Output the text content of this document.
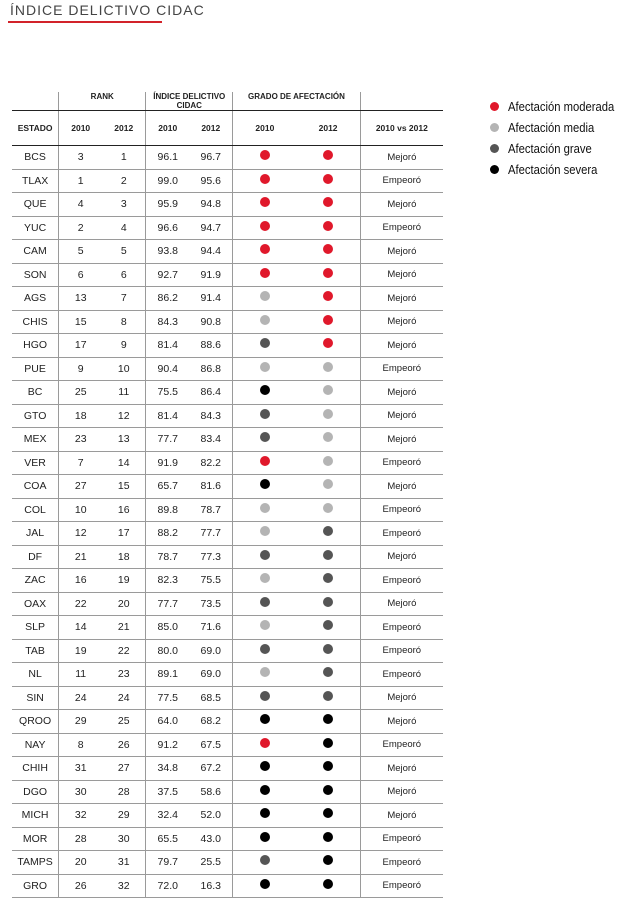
ÍNDICE DELICTIVO CIDAC
	RANK		ÍNDICE DELICTIVO CIDAC		GRADO DE AFECTACIÓN		
ESTADO	2010	2012	2010	2012	2010	2012	2010 vs 2012
BCS	3	1	96.1	96.7			Mejoró
TLAX	1	2	99.0	95.6			Empeoró
QUE	4	3	95.9	94.8			Mejoró
YUC	2	4	96.6	94.7			Empeoró
CAM	5	5	93.8	94.4			Mejoró
SON	6	6	92.7	91.9			Mejoró
AGS	13	7	86.2	91.4			Mejoró
CHIS	15	8	84.3	90.8			Mejoró
HGO	17	9	81.4	88.6			Mejoró
PUE	9	10	90.4	86.8			Empeoró
BC	25	11	75.5	86.4			Mejoró
GTO	18	12	81.4	84.3			Mejoró
MEX	23	13	77.7	83.4			Mejoró
VER	7	14	91.9	82.2			Empeoró
COA	27	15	65.7	81.6			Mejoró
COL	10	16	89.8	78.7			Empeoró
JAL	12	17	88.2	77.7			Empeoró
DF	21	18	78.7	77.3			Mejoró
ZAC	16	19	82.3	75.5			Empeoró
OAX	22	20	77.7	73.5			Mejoró
SLP	14	21	85.0	71.6			Empeoró
TAB	19	22	80.0	69.0			Empeoró
NL	11	23	89.1	69.0			Empeoró
SIN	24	24	77.5	68.5			Mejoró
QROO	29	25	64.0	68.2			Mejoró
NAY	8	26	91.2	67.5			Empeoró
CHIH	31	27	34.8	67.2			Mejoró
DGO	30	28	37.5	58.6			Mejoró
MICH	32	29	32.4	52.0			Mejoró
MOR	28	30	65.5	43.0			Empeoró
TAMPS	20	31	79.7	25.5			Empeoró
GRO	26	32	72.0	16.3			Empeoró
Afectación moderada
Afectación media
Afectación grave
Afectación severa
